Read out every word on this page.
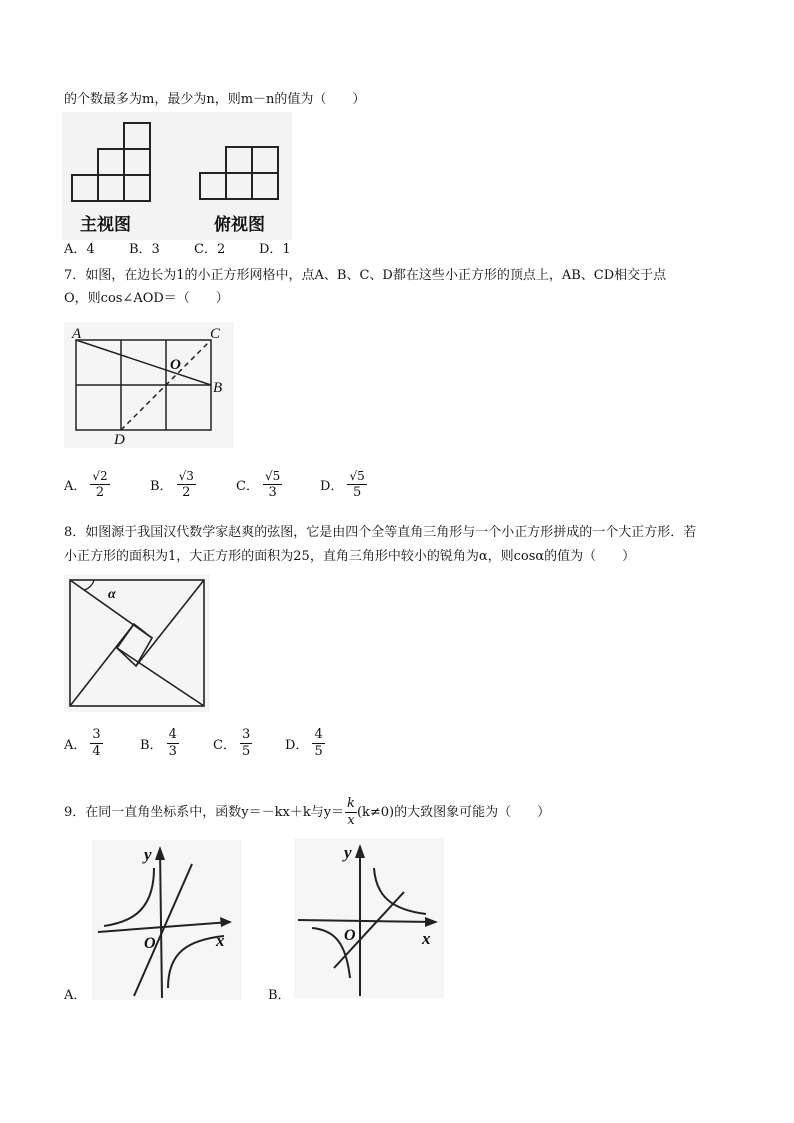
的个数最多为m，最少为n，则m－n的值为（　　）
主视图	俯视图
A．4	B．3	C．2	D．1
7．如图，在边长为1的小正方形网格中，点A、B、C、D都在这些小正方形的顶点上，AB、CD相交于点
O，则cos∠AOD＝（　　）
A
B
C
D
O
A． $\frac{√2}{2}$	B． $\frac{√3}{2}$	C． $\frac{√5}{3}$	D． $\frac{√5}{5}$
8．如图源于我国汉代数学家赵爽的弦图，它是由四个全等直角三角形与一个小正方形拼成的一个大正方形．若
小正方形的面积为1，大正方形的面积为25，直角三角形中较小的锐角为α，则cosα的值为（　　）
α
A． $\frac{3}{4}$	B． $\frac{4}{3}$	C． $\frac{3}{5}$	D． $\frac{4}{5}$
9．在同一直角坐标系中，函数y＝－kx＋k与$y= \frac{k}{x} (k\ne 0)$的大致图象可能为（　　）
y
x
O
A．
y
x
O
B．
